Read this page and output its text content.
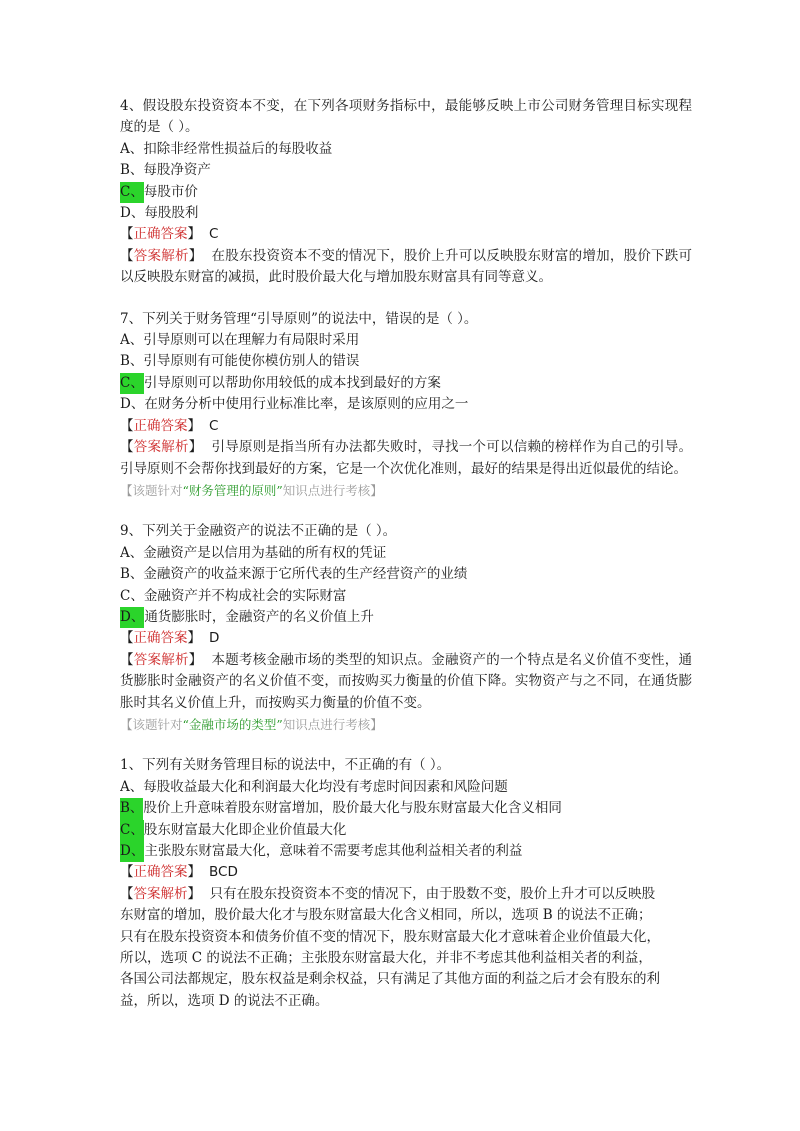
4、假设股东投资资本不变，在下列各项财务指标中，最能够反映上市公司财务管理目标实现程度的是（ ）。
A、扣除非经常性损益后的每股收益
B、每股净资产
C、每股市价
D、每股股利
【正确答案】 C
【答案解析】 在股东投资资本不变的情况下，股价上升可以反映股东财富的增加，股价下跌可以反映股东财富的减损，此时股价最大化与增加股东财富具有同等意义。
7、下列关于财务管理“引导原则”的说法中，错误的是（ ）。
A、引导原则可以在理解力有局限时采用
B、引导原则有可能使你模仿别人的错误
C、引导原则可以帮助你用较低的成本找到最好的方案
D、在财务分析中使用行业标准比率，是该原则的应用之一
【正确答案】 C
【答案解析】 引导原则是指当所有办法都失败时，寻找一个可以信赖的榜样作为自己的引导。引导原则不会帮你找到最好的方案，它是一个次优化准则，最好的结果是得出近似最优的结论。
【该题针对“财务管理的原则”知识点进行考核】
9、下列关于金融资产的说法不正确的是（ ）。
A、金融资产是以信用为基础的所有权的凭证
B、金融资产的收益来源于它所代表的生产经营资产的业绩
C、金融资产并不构成社会的实际财富
D、通货膨胀时，金融资产的名义价值上升
【正确答案】 D
【答案解析】 本题考核金融市场的类型的知识点。金融资产的一个特点是名义价值不变性，通货膨胀时金融资产的名义价值不变，而按购买力衡量的价值下降。实物资产与之不同，在通货膨胀时其名义价值上升，而按购买力衡量的价值不变。
【该题针对“金融市场的类型”知识点进行考核】
1、下列有关财务管理目标的说法中，不正确的有（ ）。
A、每股收益最大化和利润最大化均没有考虑时间因素和风险问题
B、股价上升意味着股东财富增加，股价最大化与股东财富最大化含义相同
C、股东财富最大化即企业价值最大化
D、主张股东财富最大化，意味着不需要考虑其他利益相关者的利益
【正确答案】 BCD
【答案解析】 只有在股东投资资本不变的情况下，由于股数不变，股价上升才可以反映股
东财富的增加，股价最大化才与股东财富最大化含义相同，所以，选项 B 的说法不正确；
只有在股东投资资本和债务价值不变的情况下，股东财富最大化才意味着企业价值最大化，
所以，选项 C 的说法不正确；主张股东财富最大化，并非不考虑其他利益相关者的利益，
各国公司法都规定，股东权益是剩余权益，只有满足了其他方面的利益之后才会有股东的利
益，所以，选项 D 的说法不正确。
